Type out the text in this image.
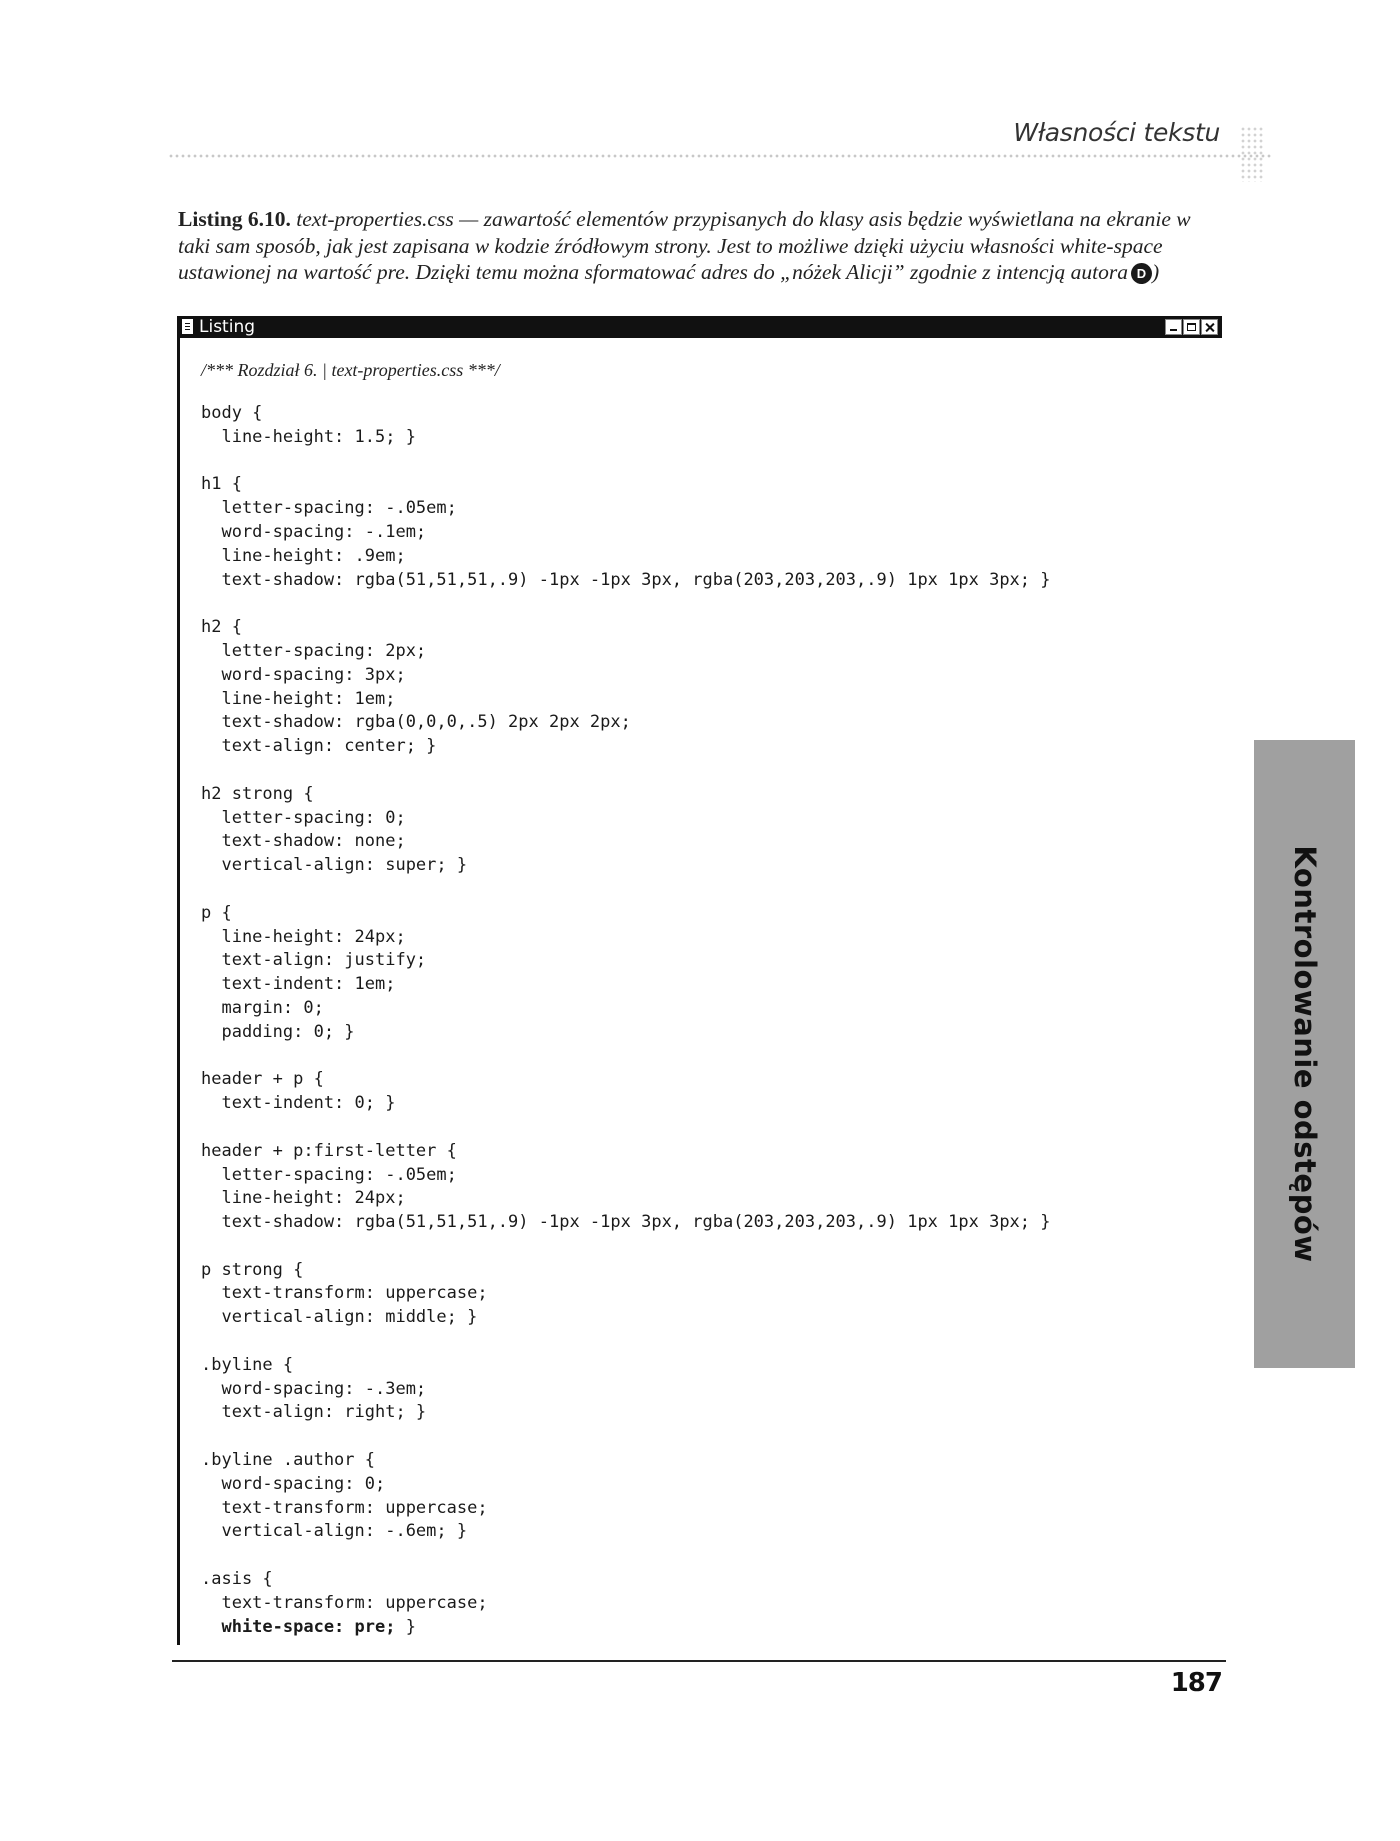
Własności tekstu
Listing 6.10. text-properties.css — zawartość elementów przypisanych do klasy asis będzie wyświetlana na ekranie w taki sam sposób, jak jest zapisana w kodzie źródłowym strony. Jest to możliwe dzięki użyciu własności white-space ustawionej na wartość pre. Dzięki temu można sformatować adres do „nóżek Alicji” zgodnie z intencją autora D )
Listing
/*** Rozdział 6. | text-properties.css ***/
body {
line-height: 1.5; }

h1 {
letter-spacing: -.05em;
word-spacing: -.1em;
line-height: .9em;
text-shadow: rgba(51,51,51,.9) -1px -1px 3px, rgba(203,203,203,.9) 1px 1px 3px; }

h2 {
letter-spacing: 2px;
word-spacing: 3px;
line-height: 1em;
text-shadow: rgba(0,0,0,.5) 2px 2px 2px;
text-align: center; }

h2 strong {
letter-spacing: 0;
text-shadow: none;
vertical-align: super; }

p {
line-height: 24px;
text-align: justify;
text-indent: 1em;
margin: 0;
padding: 0; }

header + p {
text-indent: 0; }

header + p:first-letter {
letter-spacing: -.05em;
line-height: 24px;
text-shadow: rgba(51,51,51,.9) -1px -1px 3px, rgba(203,203,203,.9) 1px 1px 3px; }

p strong {
text-transform: uppercase;
vertical-align: middle; }

.byline {
word-spacing: -.3em;
text-align: right; }

.byline .author {
word-spacing: 0;
text-transform: uppercase;
vertical-align: -.6em; }

.asis {
text-transform: uppercase;
white-space: pre; }
187
Kontrolowanie odstępów
